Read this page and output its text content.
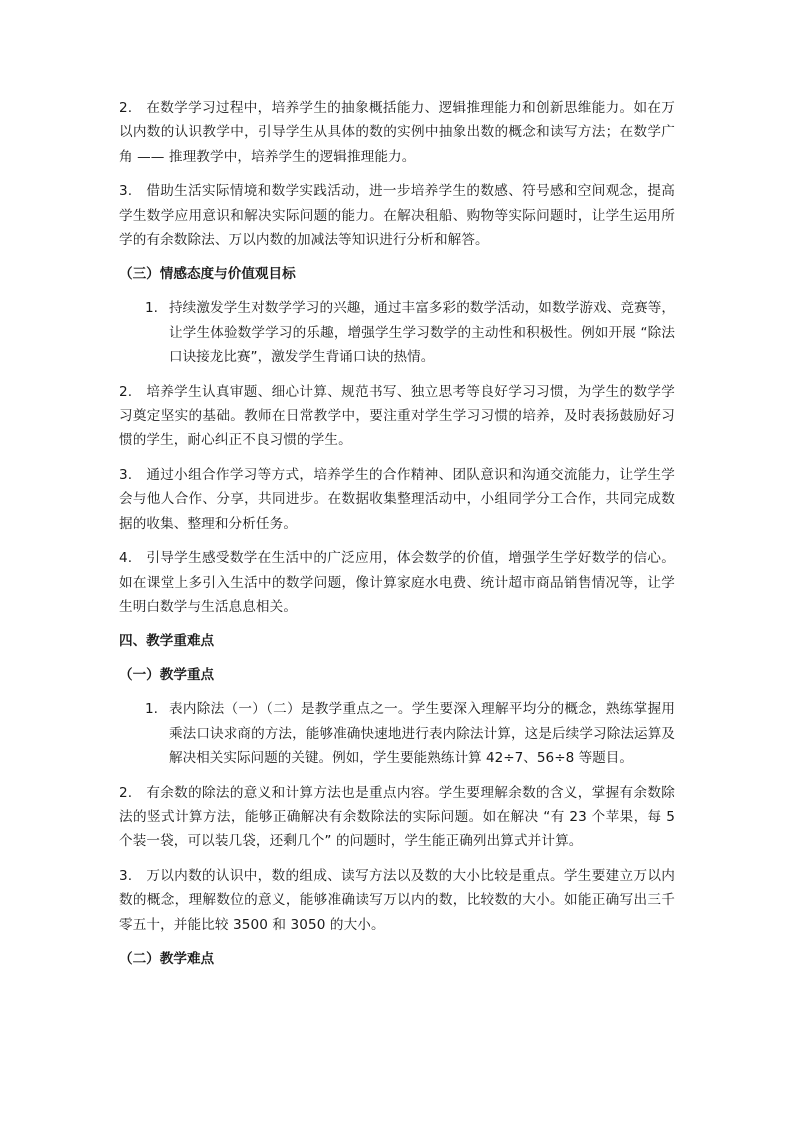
2.　在数学学习过程中，培养学生的抽象概括能力、逻辑推理能力和创新思维能力。如在万以内数的认识教学中，引导学生从具体的数的实例中抽象出数的概念和读写方法；在数学广角 —— 推理教学中，培养学生的逻辑推理能力。

3.　借助生活实际情境和数学实践活动，进一步培养学生的数感、符号感和空间观念，提高学生数学应用意识和解决实际问题的能力。在解决租船、购物等实际问题时，让学生运用所学的有余数除法、万以内数的加减法等知识进行分析和解答。

（三）情感态度与价值观目标
1. 持续激发学生对数学学习的兴趣，通过丰富多彩的数学活动，如数学游戏、竞赛等，让学生体验数学学习的乐趣，增强学生学习数学的主动性和积极性。例如开展 “除法口诀接龙比赛”，激发学生背诵口诀的热情。

2.　培养学生认真审题、细心计算、规范书写、独立思考等良好学习习惯，为学生的数学学习奠定坚实的基础。教师在日常教学中，要注重对学生学习习惯的培养，及时表扬鼓励好习惯的学生，耐心纠正不良习惯的学生。

3.　通过小组合作学习等方式，培养学生的合作精神、团队意识和沟通交流能力，让学生学会与他人合作、分享，共同进步。在数据收集整理活动中，小组同学分工合作，共同完成数据的收集、整理和分析任务。

4.　引导学生感受数学在生活中的广泛应用，体会数学的价值，增强学生学好数学的信心。如在课堂上多引入生活中的数学问题，像计算家庭水电费、统计超市商品销售情况等，让学生明白数学与生活息息相关。

四、教学重难点
（一）教学重点
1. 表内除法（一）（二）是教学重点之一。学生要深入理解平均分的概念，熟练掌握用乘法口诀求商的方法，能够准确快速地进行表内除法计算，这是后续学习除法运算及解决相关实际问题的关键。例如，学生要能熟练计算 42÷7、56÷8 等题目。

2.　有余数的除法的意义和计算方法也是重点内容。学生要理解余数的含义，掌握有余数除法的竖式计算方法，能够正确解决有余数除法的实际问题。如在解决 “有 23 个苹果，每 5 个装一袋，可以装几袋，还剩几个” 的问题时，学生能正确列出算式并计算。

3.　万以内数的认识中，数的组成、读写方法以及数的大小比较是重点。学生要建立万以内数的概念，理解数位的意义，能够准确读写万以内的数，比较数的大小。如能正确写出三千零五十，并能比较 3500 和 3050 的大小。

（二）教学难点
